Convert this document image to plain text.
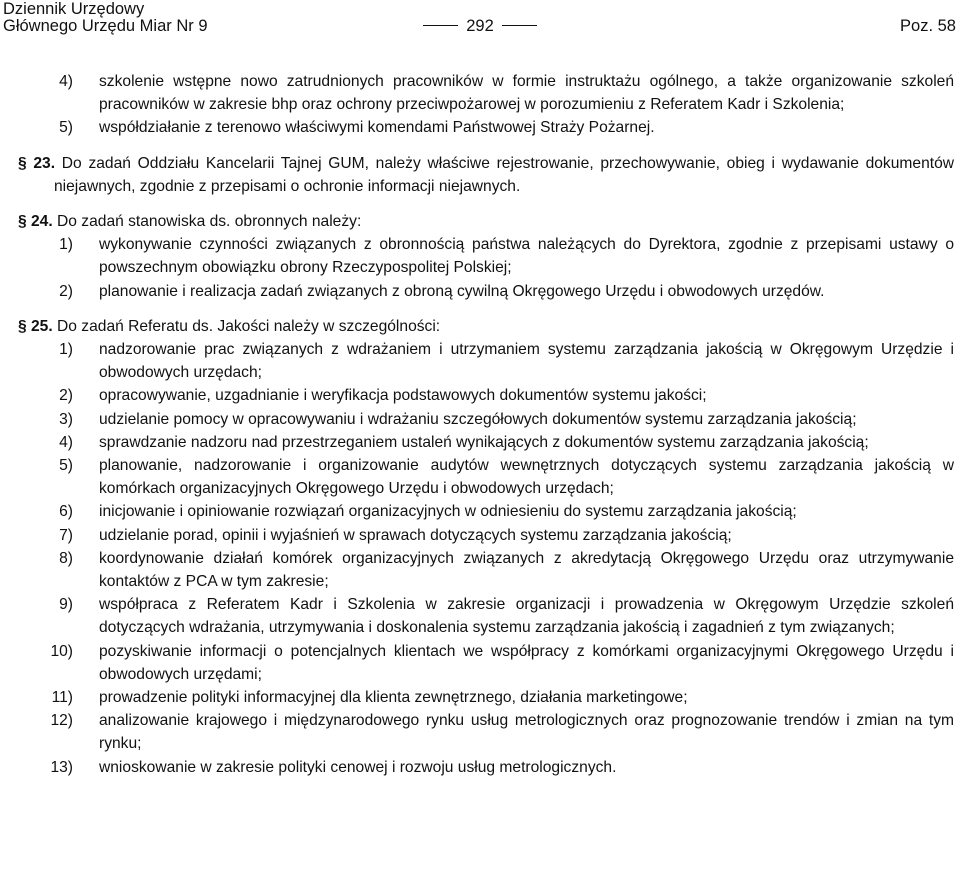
Dziennik Urzędowy
Głównego Urzędu Miar Nr 9	292	Poz. 58
4) szkolenie wstępne nowo zatrudnionych pracowników w formie instruktażu ogólnego, a także organizowanie szkoleń pracowników w zakresie bhp oraz ochrony przeciwpożarowej w porozumieniu z Referatem Kadr i Szkolenia;
5) współdziałanie z terenowo właściwymi komendami Państwowej Straży Pożarnej.
§ 23. Do zadań Oddziału Kancelarii Tajnej GUM, należy właściwe rejestrowanie, przechowywanie, obieg i wydawanie dokumentów niejawnych, zgodnie z przepisami o ochronie informacji niejawnych.
§ 24. Do zadań stanowiska ds. obronnych należy:
1) wykonywanie czynności związanych z obronnością państwa należących do Dyrektora, zgodnie z przepisami ustawy o powszechnym obowiązku obrony Rzeczypospolitej Polskiej;
2) planowanie i realizacja zadań związanych z obroną cywilną Okręgowego Urzędu i obwodowych urzędów.
§ 25. Do zadań Referatu ds. Jakości należy w szczególności:
1) nadzorowanie prac związanych z wdrażaniem i utrzymaniem systemu zarządzania jakością w Okręgowym Urzędzie i obwodowych urzędach;
2) opracowywanie, uzgadnianie i weryfikacja podstawowych dokumentów systemu jakości;
3) udzielanie pomocy w opracowywaniu i wdrażaniu szczegółowych dokumentów systemu zarządzania jakością;
4) sprawdzanie nadzoru nad przestrzeganiem ustaleń wynikających z dokumentów systemu zarządzania jakością;
5) planowanie, nadzorowanie i organizowanie audytów wewnętrznych dotyczących systemu zarządzania jakością w komórkach organizacyjnych Okręgowego Urzędu i obwodowych urzędach;
6) inicjowanie i opiniowanie rozwiązań organizacyjnych w odniesieniu do systemu zarządzania jakością;
7) udzielanie porad, opinii i wyjaśnień w sprawach dotyczących systemu zarządzania jakością;
8) koordynowanie działań komórek organizacyjnych związanych z akredytacją Okręgowego Urzędu oraz utrzymywanie kontaktów z PCA w tym zakresie;
9) współpraca z Referatem Kadr i Szkolenia w zakresie organizacji i prowadzenia w Okręgowym Urzędzie szkoleń dotyczących wdrażania, utrzymywania i doskonalenia systemu zarządzania jakością i zagadnień z tym związanych;
10) pozyskiwanie informacji o potencjalnych klientach we współpracy z komórkami organizacyjnymi Okręgowego Urzędu i obwodowych urzędami;
11) prowadzenie polityki informacyjnej dla klienta zewnętrznego, działania marketingowe;
12) analizowanie krajowego i międzynarodowego rynku usług metrologicznych oraz prognozowanie trendów i zmian na tym rynku;
13) wnioskowanie w zakresie polityki cenowej i rozwoju usług metrologicznych.
